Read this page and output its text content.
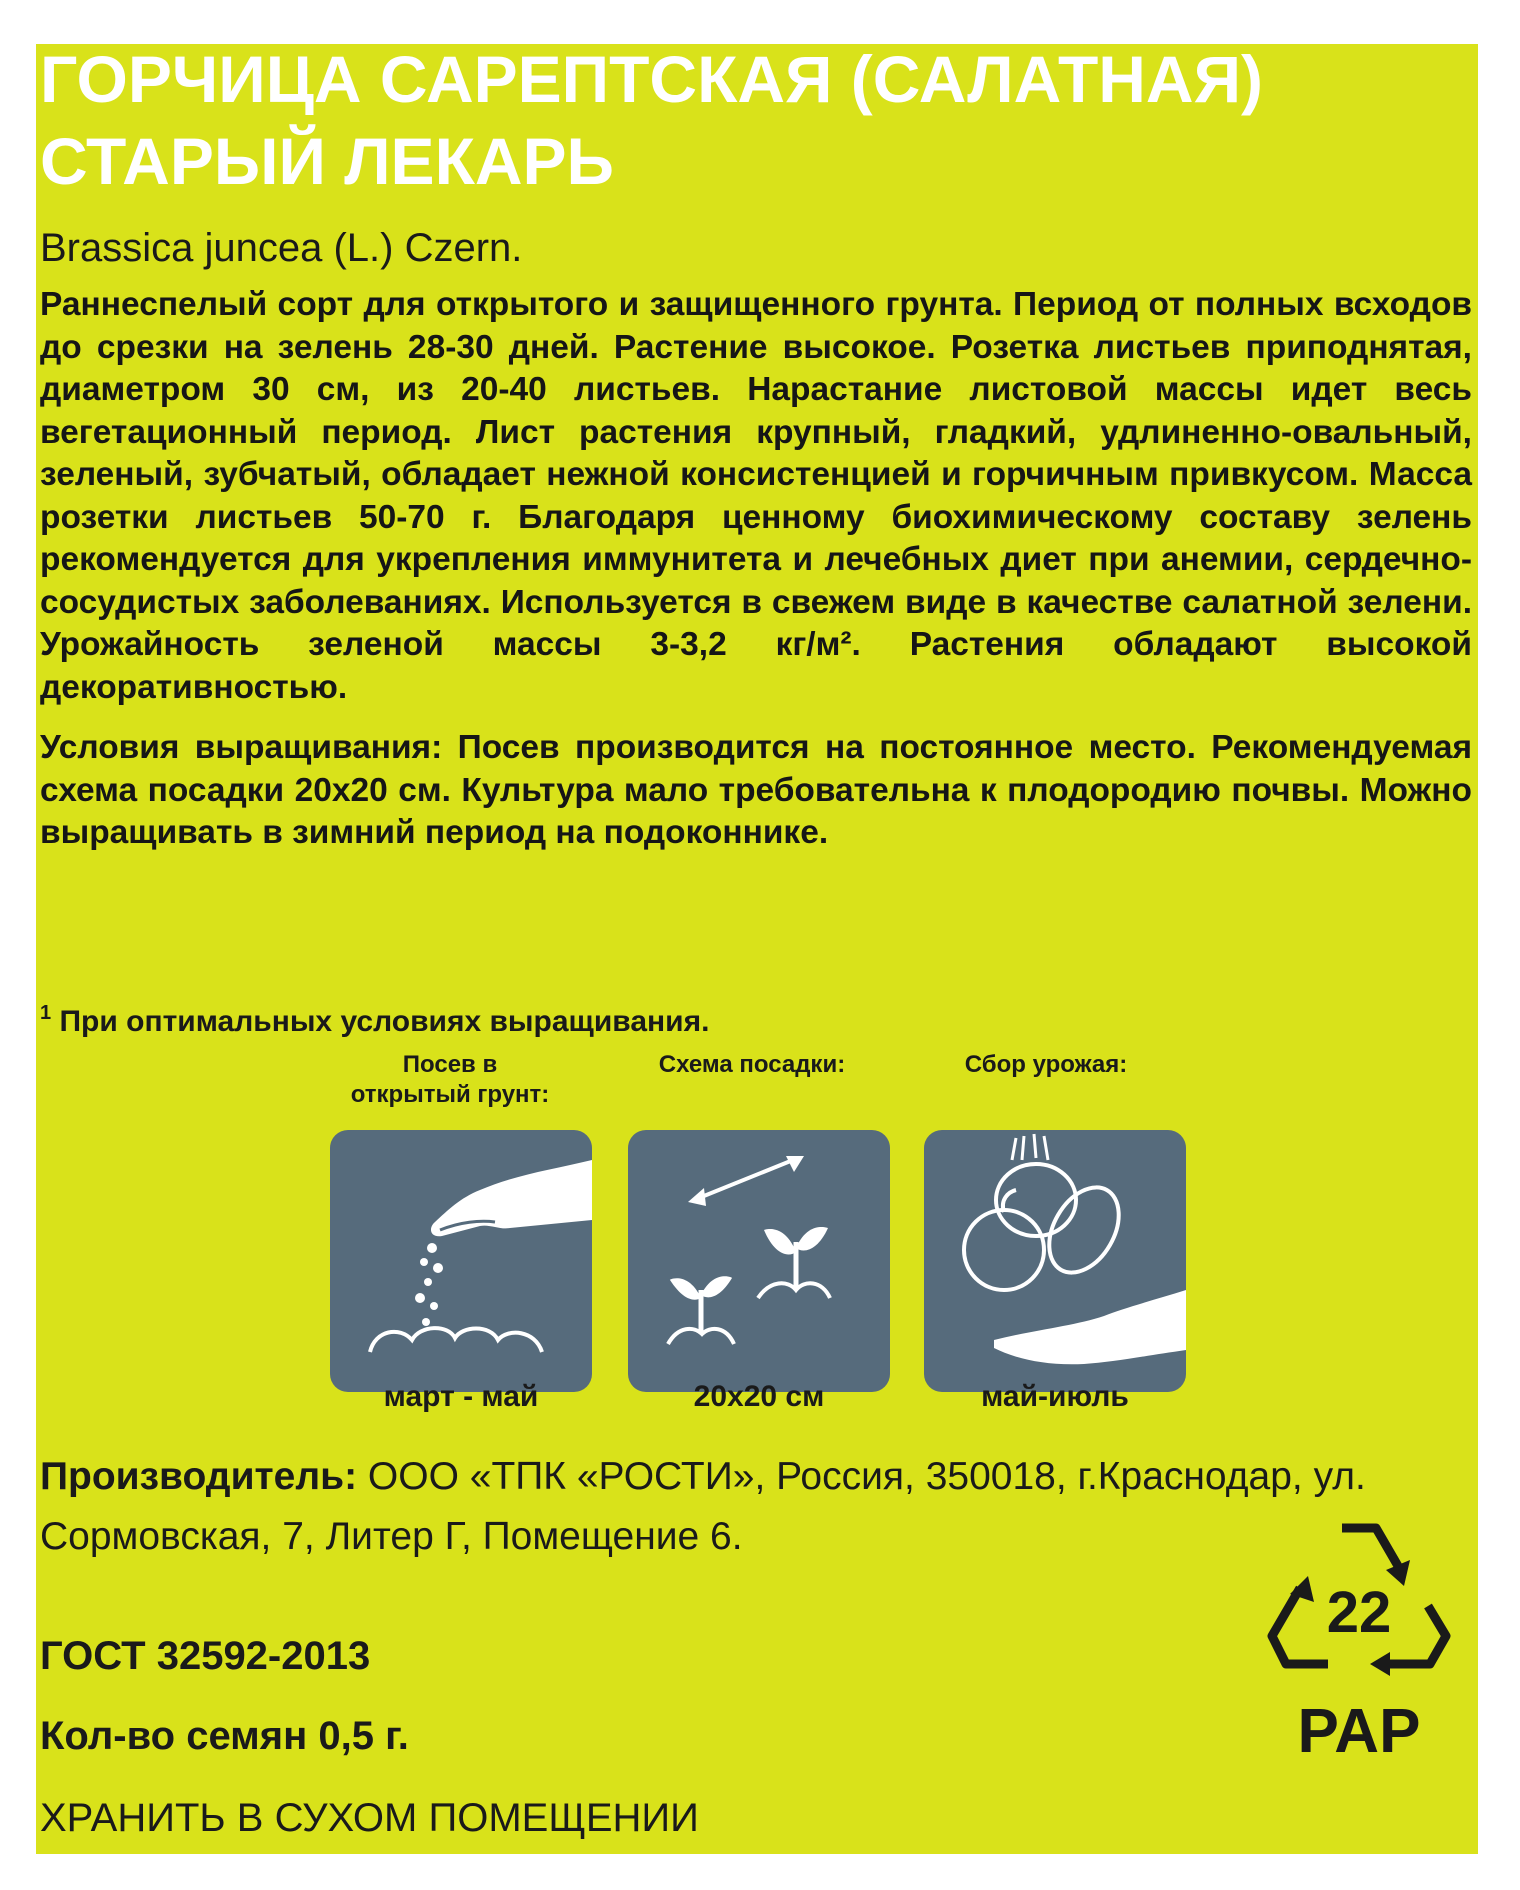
ГОРЧИЦА САРЕПТСКАЯ (САЛАТНАЯ)
СТАРЫЙ ЛЕКАРЬ
Brassica juncea (L.) Czern.
Раннеспелый сорт для открытого и защищенного грунта. Период от полных всходов до срезки на зелень 28-30 дней. Растение высокое. Розетка листьев приподнятая, диаметром 30 см, из 20-40 листьев. Нарастание листовой массы идет весь вегетационный период. Лист растения крупный, гладкий, удлиненно-овальный, зеленый, зубчатый, обладает нежной консистенцией и горчичным привкусом. Масса розетки листьев 50-70 г. Благодаря ценному биохимическому составу зелень рекомендуется для укрепления иммунитета и лечебных диет при анемии, сердечно-сосудистых заболеваниях. Используется в свежем виде в качестве салатной зелени. Урожайность зеленой массы 3-3,2 кг/м². Растения обладают высокой декоративностью.
Условия выращивания: Посев производится на постоянное место. Рекомендуемая схема посадки 20х20 см. Культура мало требовательна к плодородию почвы. Можно выращивать в зимний период на подоконнике.
$^1$ При оптимальных условиях выращивания.
Посев в
открытый грунт:
март - май
Схема посадки:
20х20 см
Сбор урожая:
май-июль
Производитель: ООО «ТПК «РОСТИ», Россия, 350018, г.Краснодар, ул. Сормовская, 7, Литер Г, Помещение 6.
ГОСТ 32592-2013
Кол-во семян 0,5 г.
ХРАНИТЬ В СУХОМ ПОМЕЩЕНИИ
22
PAP
